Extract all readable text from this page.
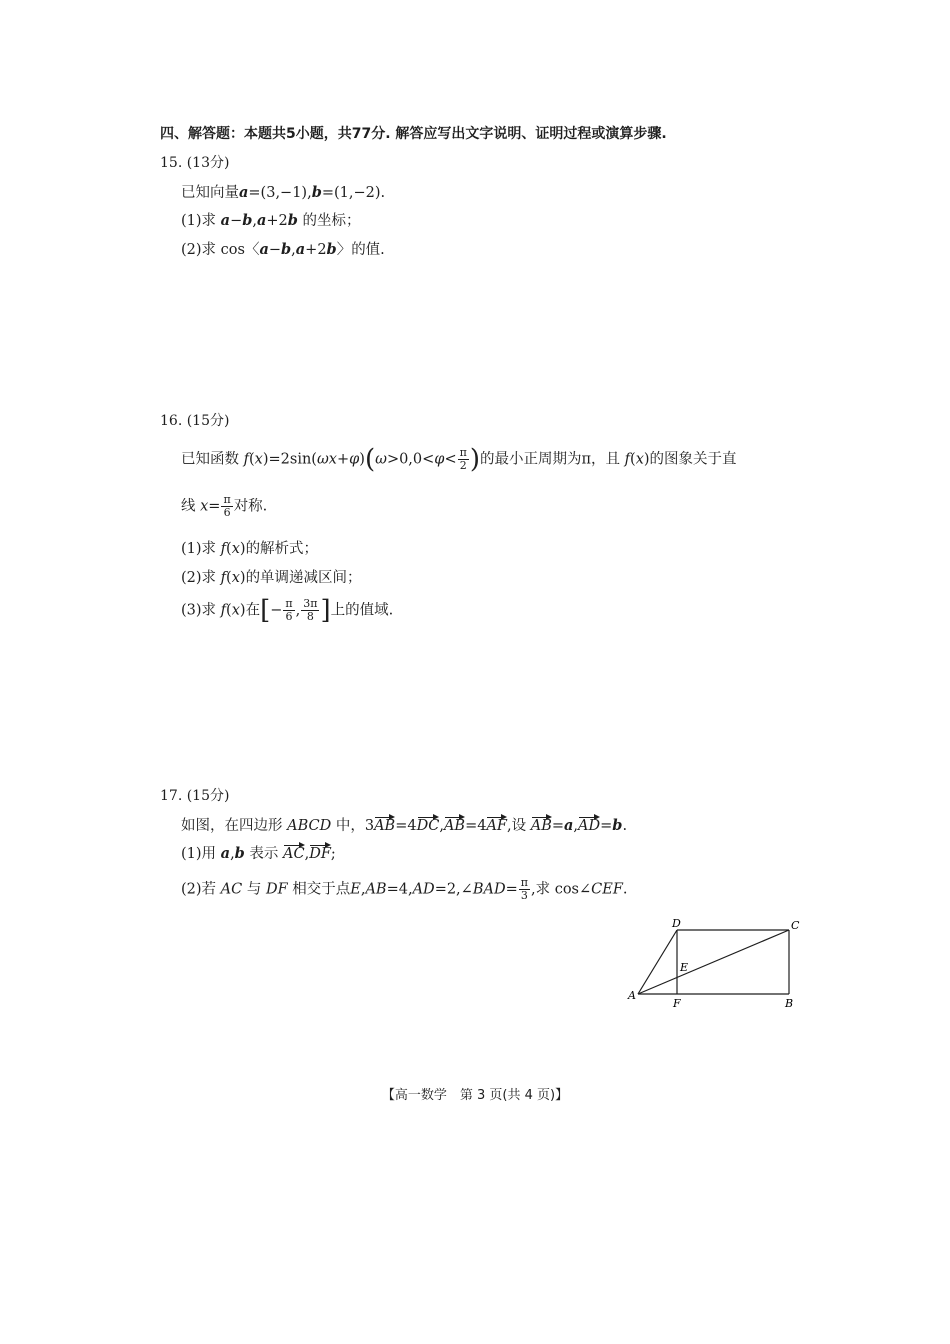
四、解答题：本题共5小题，共77分. 解答应写出文字说明、证明过程或演算步骤.
15. (13分)
已知向量a=(3,−1),b=(1,−2).
(1)求 a−b,a+2b 的坐标；
(2)求 cos〈a−b,a+2b〉的值.
16. (15分)
已知函数 $f(x)=2\sin(\omega x+\varphi)(\omega>0,0<\varphi< \frac{\pi}{2}$ )的最小正周期为π，且 f(x)的图象关于直
线 $x= \frac{\pi}{6}$ 对称.
(1)求 f(x)的解析式；
(2)求 f(x)的单调递减区间；
(3)求 f(x)在[− $\frac{\pi}{6}$ , $\frac{3\pi}{8}$ ]上的值域.
17. (15分)
如图，在四边形 ABCD 中，3AB=4DC,AB=4AF,设 AB=a,AD=b.
(1)用 a,b 表示 AC,DF;
(2)若 AC 与 DF 相交于点E,AB=4,AD=2,∠BAD= $\frac{\pi}{3}$ ,求 cos∠CEF.
A
B
C
D
E
F
【高一数学　第 3 页(共 4 页)】
